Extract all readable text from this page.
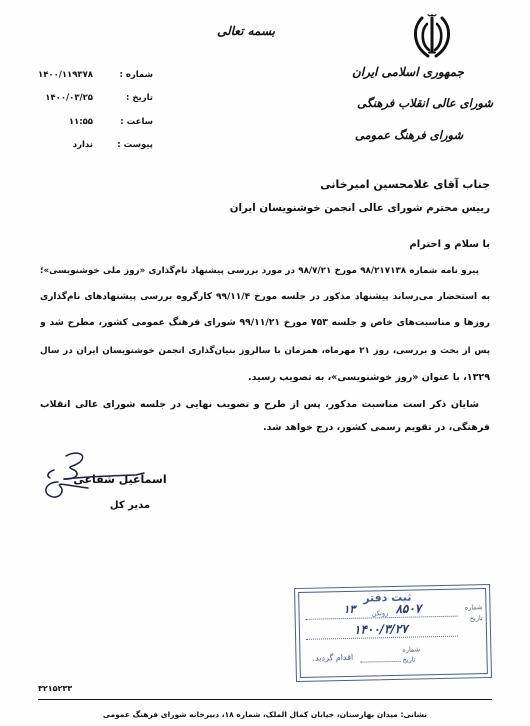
بسمه تعالی
جمهوری اسلامی ایران
شورای عالی انقلاب فرهنگی
شورای فرهنگ عمومی
شماره :
۱۴۰۰/۱۱۹۳۷۸
تاریخ :
۱۴۰۰/۰۳/۲۵
ساعت :
۱۱:۵۵
پیوست :
ندارد
جناب آقای غلامحسین امیرخانی
رییس محترم شورای عالی انجمن خوشنویسان ایران
با سلام و احترام
پیرو نامه شماره ۹۸/۲۱۷۱۳۸ مورخ ۹۸/۷/۲۱ در مورد بررسی پیشنهاد نام‌گذاری «روز ملی خوشنویسی»؛
به استحضار می‌رساند پیشنهاد مذکور در جلسه مورخ ۹۹/۱۱/۴ کارگروه بررسی پیشنهادهای نام‌گذاری
روزها و مناسبت‌های خاص و جلسه ۷۵۳ مورخ ۹۹/۱۱/۲۱ شورای فرهنگ عمومی کشور، مطرح شد و
پس از بحث و بررسی، روز ۲۱ مهرماه، همزمان با سالروز بنیان‌گذاری انجمن خوشنویسان ایران در سال
۱۳۲۹، با عنوان «روز خوشنویسی»، به تصویب رسید.
شایان ذکر است مناسبت مذکور، پس از طرح و تصویب نهایی در جلسه شورای عالی انقلاب
فرهنگی، در تقویم رسمی کشور، درج خواهد شد.
اسماعیل شفاعی
مدیر کل
ثبت دفتر
شماره
تاریخ
۸۵۰۷
زونکن
۱۳
۱۴۰۰/۳/۲۷
شماره
تاریخ
اقدام گردید.
۳۲۱۵۲۳۳
نشانی: میدان بهارستان، خیابان کمال الملک، شماره ۱۸، دبیرخانه شورای فرهنگ عمومی
